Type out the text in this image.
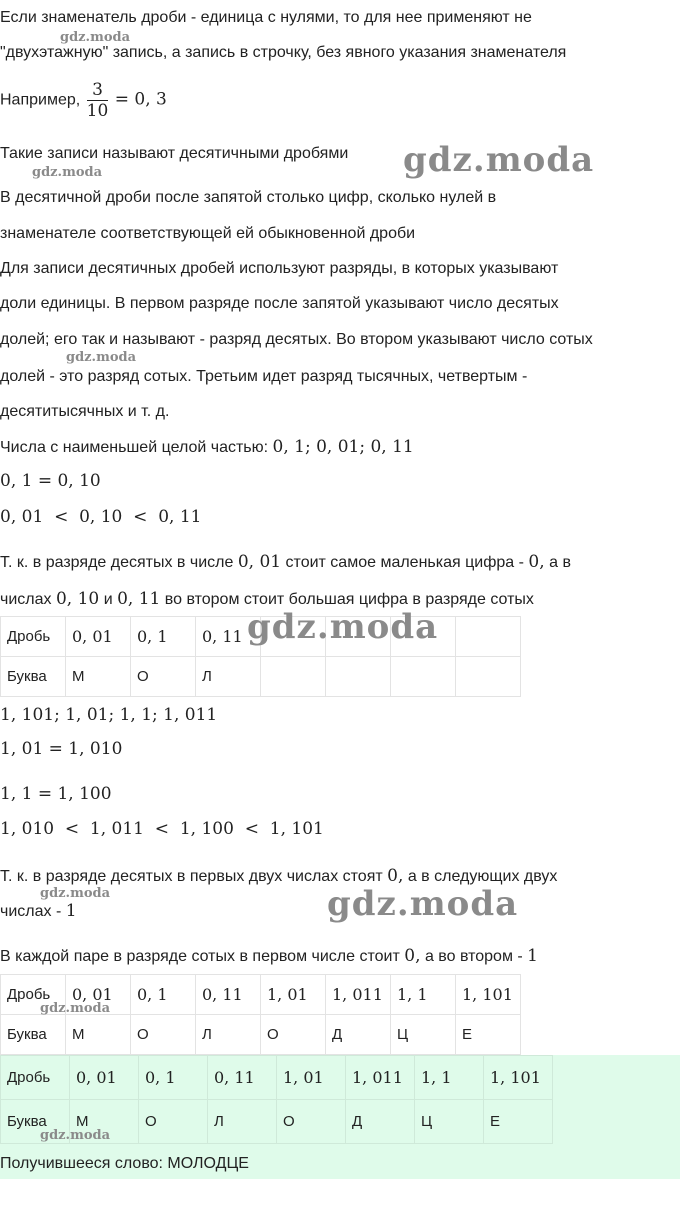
Если знаменатель дроби - единица с нулями, то для нее применяют не
"двухэтажную" запись, а запись в строчку, без явного указания знаменателя
Например, $\frac{3}{10} = 0$, 3
Такие записи называют десятичными дробями
В десятичной дроби после запятой столько цифр, сколько нулей в
знаменателе соответствующей ей обыкновенной дроби
Для записи десятичных дробей используют разряды, в которых указывают
доли единицы. В первом разряде после запятой указывают число десятых
долей; его так и называют - разряд десятых. Во втором указывают число сотых
долей - это разряд сотых. Третьим идет разряд тысячных, четвертым -
десятитысячных и т. д.
Числа с наименьшей целой частью: 0, 1; 0, 01; 0, 11
0, 1 = 0, 10
0, 01  <  0, 10  <  0, 11
Т. к. в разряде десятых в числе 0, 01 стоит самое маленькая цифра - 0, а в
числах 0, 10 и 0, 11 во втором стоит большая цифра в разряде сотых
Дробь	0, 01	0, 1	0, 11				
Буква	М	О	Л				
1, 101; 1, 01; 1, 1; 1, 011
1, 01 = 1, 010
1, 1 = 1, 100
1, 010  <  1, 011  <  1, 100  <  1, 101
Т. к. в разряде десятых в первых двух числах стоят 0, а в следующих двух
числах - 1
В каждой паре в разряде сотых в первом числе стоит 0, а во втором - 1
Дробь	0, 01	0, 1	0, 11	1, 01	1, 011	1, 1	1, 101
Буква	М	О	Л	О	Д	Ц	Е
Дробь	0, 01	0, 1	0, 11	1, 01	1, 011	1, 1	1, 101
Буква	М	О	Л	О	Д	Ц	Е
Получившееся слово: МОЛОДЦЕ
gdz.moda
gdz.moda
gdz.moda
gdz.moda
gdz.moda
gdz.moda	gdz.moda
gdz.moda
gdz.moda
